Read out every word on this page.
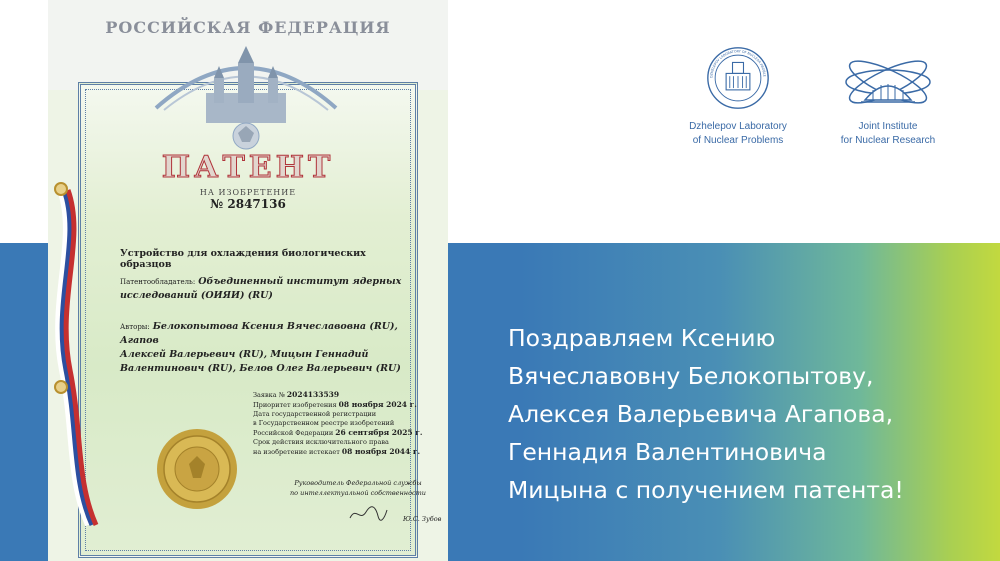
РОССИЙСКАЯ ФЕДЕРАЦИЯ
ПАТЕНТ
НА ИЗОБРЕТЕНИЕ
№ 2847136
Устройство для охлаждения биологических образцов
Патентообладатель: Объединенный институт ядерных
исследований (ОИЯИ) (RU)
Авторы: Белокопытова Ксения Вячеславовна (RU), Агапов
Алексей Валерьевич (RU), Мицын Геннадий
Валентинович (RU), Белов Олег Валерьевич (RU)
Заявка № 2024133539
Приоритет изобретения 08 ноября 2024 г.
Дата государственной регистрации
в Государственном реестре изобретений
Российской Федерации 26 сентября 2025 г.
Срок действия исключительного права
на изобретение истекает 08 ноября 2044 г.
Руководитель Федеральной службы
по интеллектуальной собственности
Ю.С. Зубов
DZHELEPOV LABORATORY OF NUCLEAR PROBLE
Dzhelepov Laboratory
of Nuclear Problems
Joint Institute
for Nuclear Research
Поздравляем Ксению
Вячеславовну Белокопытову,
Алексея Валерьевича Агапова,
Геннадия Валентиновича
Мицына с получением патента!
